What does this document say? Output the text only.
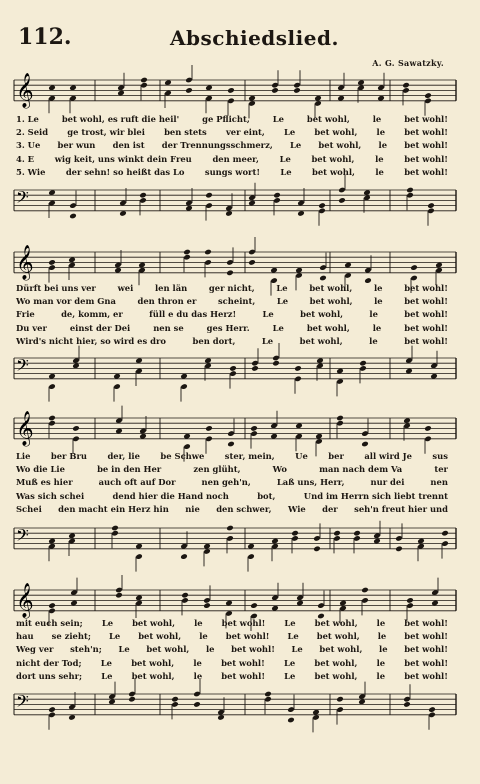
112.	Abschiedslied.
A. G. Sawatzky.
𝄞
1. Le	bet wohl, es ruft die heil'	ge Pflicht,	Le	bet wohl,	le	bet wohl!
2. Seid ge trost, wir blei ben stets ver eint, Le bet wohl, le bet wohl!
3. Ue ber wun den ist der Trennungsschmerz, Le bet wohl, le bet wohl!
4. E wig keit, uns winkt dein Freu den meer, Le bet wohl, le bet wohl!
5. Wie der sehn! so heißt das Lo sungs wort! Le bet wohl, le bet wohl!
𝄢
𝄞
Dürft bei uns ver	wei	len län	ger nicht,	Le	bet wohl,	le	bet wohl!
Wo man vor dem Gna	den thron er	scheint,	Le	bet wohl,	le	bet wohl!
Frie	de, komm, er	füll e du das Herz!	Le	bet wohl,	le	bet wohl!
Du ver	einst der Dei	nen se	ges Herr.	Le	bet wohl,	le	bet wohl!
Wird's nicht hier, so wird es dro	ben dort,	Le	bet wohl,	le	bet wohl!
𝄢
𝄞
Lie ber Bru der, lie be Schwe ster, mein, Ue ber all wird Je sus
Wo die Lie	be in den Her	zen glüht,	Wo	man nach dem Va	ter
Muß es hier	auch oft auf Dor	nen geh'n,	Laß uns, Herr,	nur dei	nen
Was sich schei	dend hier die Hand noch	bot,	Und im Herrn sich liebt trennt
Schei den macht ein Herz hin nie den schwer, Wie der seh'n freut hier und
𝄢
𝄞
mit euch sein; Le bet wohl, le bet wohl! Le bet wohl, le bet wohl!
hau se zieht; Le bet wohl, le bet wohl! Le bet wohl, le bet wohl!
Weg ver steh'n; Le bet wohl, le bet wohl! Le bet wohl, le bet wohl!
nicht der Tod; Le bet wohl, le bet wohl! Le bet wohl, le bet wohl!
dort uns sehr; Le bet wohl, le bet wohl! Le bet wohl, le bet wohl!
𝄢
